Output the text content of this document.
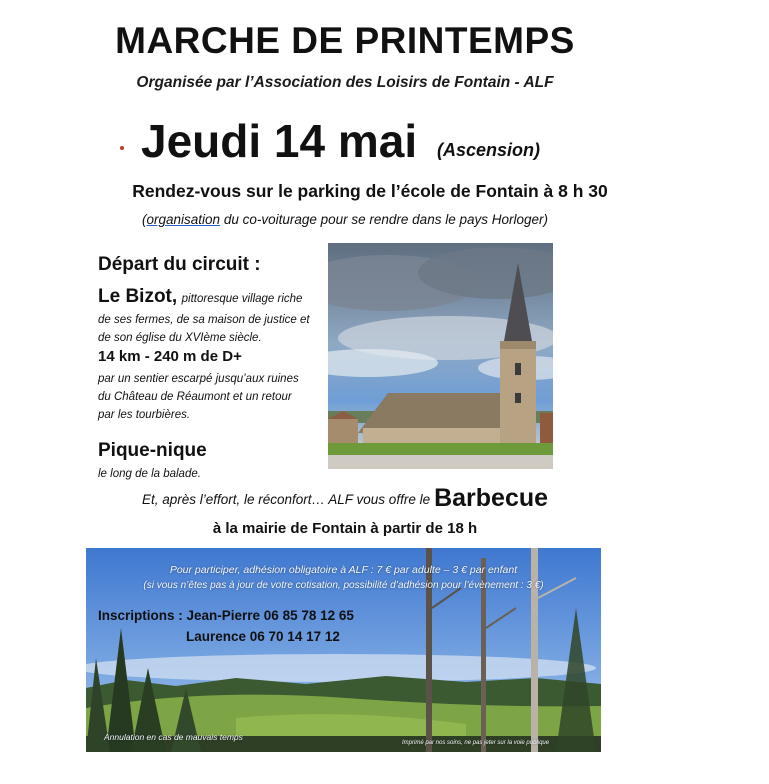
MARCHE DE PRINTEMPS
Organisée par l’Association des Loisirs de Fontain - ALF
Jeudi 14 mai (Ascension)
Rendez-vous sur le parking de l’école de Fontain à 8 h 30
(organisation du co-voiturage pour se rendre dans le pays Horloger)
Départ du circuit :
Le Bizot, pittoresque village riche
de ses fermes, de sa maison de justice et
de son église du XVIème siècle.
14 km - 240 m de D+
par un sentier escarpé jusqu’aux ruines
du Château de Réaumont et un retour
par les tourbières.
Pique-nique
le long de la balade.
Et, après l’effort, le réconfort… ALF vous offre le Barbecue
à la mairie de Fontain à partir de 18 h
Pour participer, adhésion obligatoire à ALF : 7 € par adulte – 3 € par enfant
(si vous n’êtes pas à jour de votre cotisation, possibilité d’adhésion pour l’évènement : 3 €)
Inscriptions : Jean-Pierre 06 85 78 12 65
Laurence 06 70 14 17 12
Annulation en cas de mauvais temps
Imprimé par nos soins, ne pas jeter sur la voie publique
